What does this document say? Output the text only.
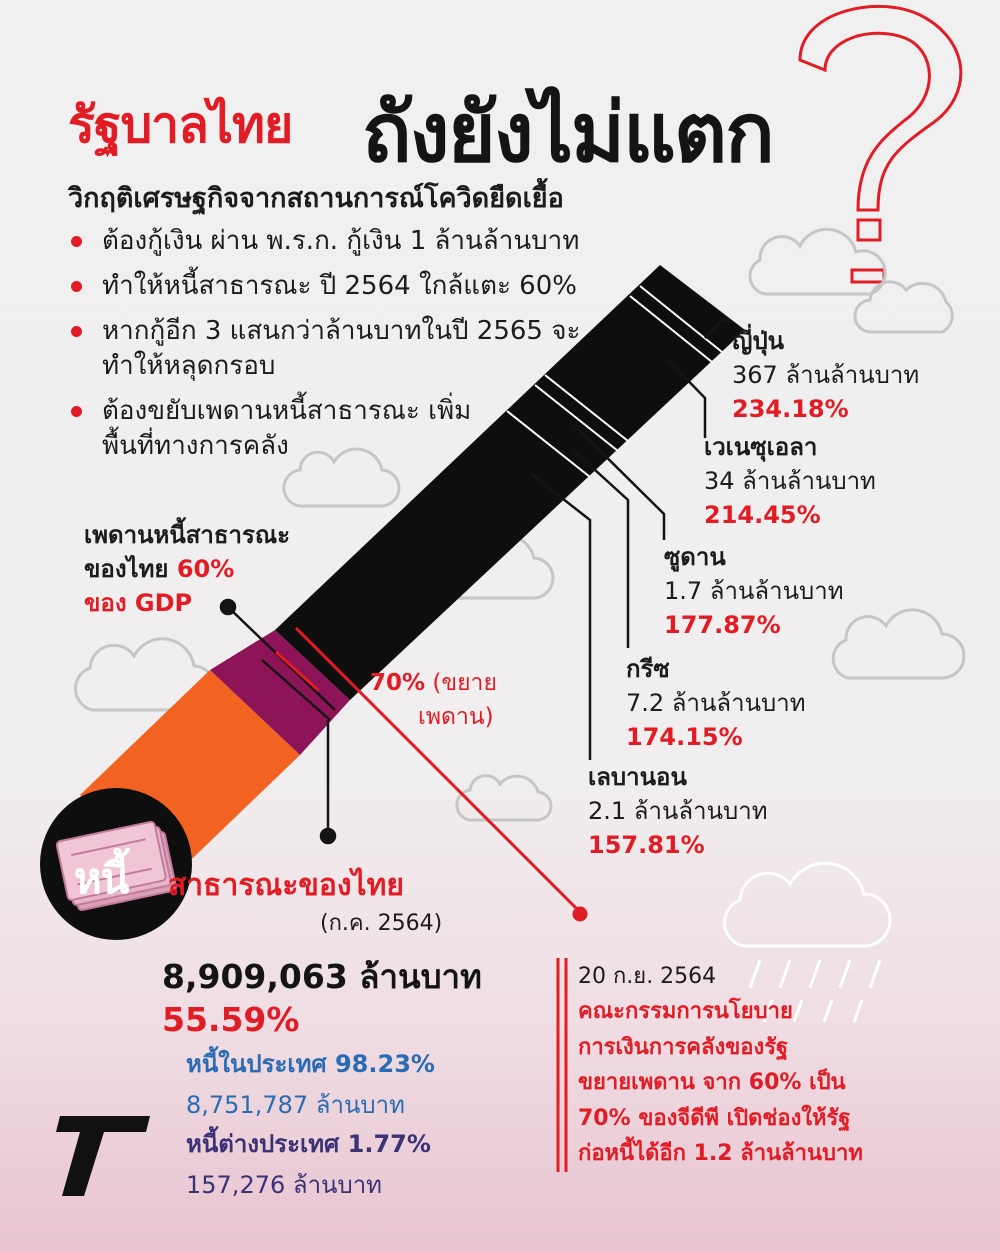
รัฐบาลไทย ถังยังไม่แตก
วิกฤติเศรษฐกิจจากสถานการณ์โควิดยืดเยื้อ
ต้องกู้เงิน ผ่าน พ.ร.ก. กู้เงิน 1 ล้านล้านบาท
ทำให้หนี้สาธารณะ ปี 2564 ใกล้แตะ 60%
หากกู้อีก 3 แสนกว่าล้านบาทในปี 2565 จะทำให้หลุดกรอบ
ต้องขยับเพดานหนี้สาธารณะ เพิ่มพื้นที่ทางการคลัง
เพดานหนี้สาธารณะ
ของไทย 60%
ของ GDP
70% (ขยาย
เพดาน)
ญี่ปุ่น
367 ล้านล้านบาท
234.18%
เวเนซุเอลา
34 ล้านล้านบาท
214.45%
ซูดาน
1.7 ล้านล้านบาท
177.87%
กรีซ
7.2 ล้านล้านบาท
174.15%
เลบานอน
2.1 ล้านล้านบาท
157.81%
หนี้ สาธารณะของไทย
(ก.ค. 2564)
8,909,063 ล้านบาท
55.59%
หนี้ในประเทศ 98.23%
8,751,787 ล้านบาท
หนี้ต่างประเทศ 1.77%
157,276 ล้านบาท
20 ก.ย. 2564
คณะกรรมการนโยบาย
การเงินการคลังของรัฐ
ขยายเพดาน จาก 60% เป็น
70% ของจีดีพี เปิดช่องให้รัฐ
ก่อหนี้ได้อีก 1.2 ล้านล้านบาท
